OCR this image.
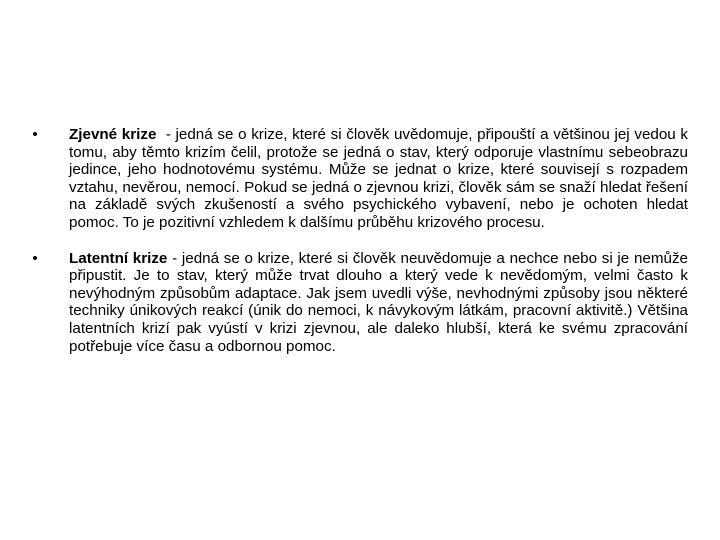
• Zjevné krize  - jedná se o krize, které si člověk uvědomuje, připouští a většinou jej vedou k tomu, aby těmto krizím čelil, protože se jedná o stav, který odporuje vlastnímu sebeobrazu jedince, jeho hodnotovému systému. Může se jednat o krize, které souvisejí s rozpadem vztahu, nevěrou, nemocí. Pokud se jedná o zjevnou krizi, člověk sám se snaží hledat řešení na základě svých zkušeností a svého psychického vybavení, nebo je ochoten hledat pomoc. To je pozitivní vzhledem k dalšímu průběhu krizového procesu.
• Latentní krize - jedná se o krize, které si člověk neuvědomuje a nechce nebo si je nemůže připustit. Je to stav, který může trvat dlouho a který vede k nevědomým, velmi často k nevýhodným způsobům adaptace. Jak jsem uvedli výše, nevhodnými způsoby jsou některé techniky únikových reakcí (únik do nemoci, k návykovým látkám, pracovní aktivitě.) Většina latentních krizí pak vyústí v krizi zjevnou, ale daleko hlubší, která ke svému zpracování potřebuje více času a odbornou pomoc.
